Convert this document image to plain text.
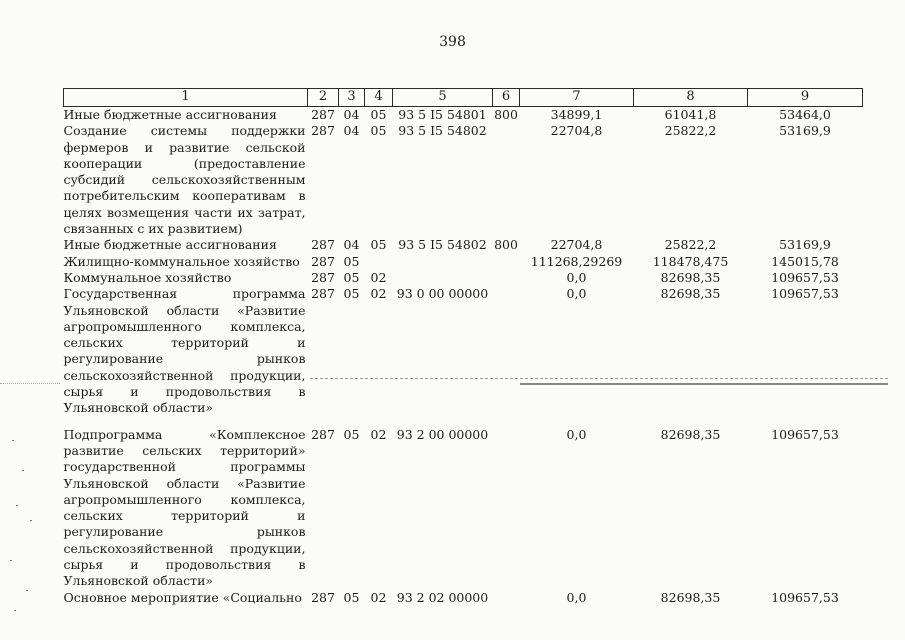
398
1	2	3	4	5	6	7	8	9
Иные бюджетные ассигнования	287	04	05	93 5 I5 54801	800	34899,1	61041,8	53464,0
Создание системы поддержки фермеров и развитие сельской кооперации (предоставление субсидий сельскохозяйственным потребительским кооперативам в целях возмещения части их затрат, связанных с их развитием)	287	04	05	93 5 I5 54802		22704,8	25822,2	53169,9
Иные бюджетные ассигнования	287	04	05	93 5 I5 54802	800	22704,8	25822,2	53169,9
Жилищно-коммунальное хозяйство	287	05				111268,29269	118478,475	145015,78
Коммунальное хозяйство	287	05	02			0,0	82698,35	109657,53
Государственная программа Ульяновской области «Развитие агропромышленного комплекса, сельских территорий и регулирование рынков сельскохозяйственной продукции, сырья и продовольствия в Ульяновской области»	287	05	02	93 0 00 00000		0,0	82698,35	109657,53
Подпрограмма «Комплексное развитие сельских территорий» государственной программы Ульяновской области «Развитие агропромышленного комплекса, сельских территорий и регулирование рынков сельскохозяйственной продукции, сырья и продовольствия в Ульяновской области»	287	05	02	93 2 00 00000		0,0	82698,35	109657,53
Основное мероприятие «Социально	287	05	02	93 2 02 00000		0,0	82698,35	109657,53
